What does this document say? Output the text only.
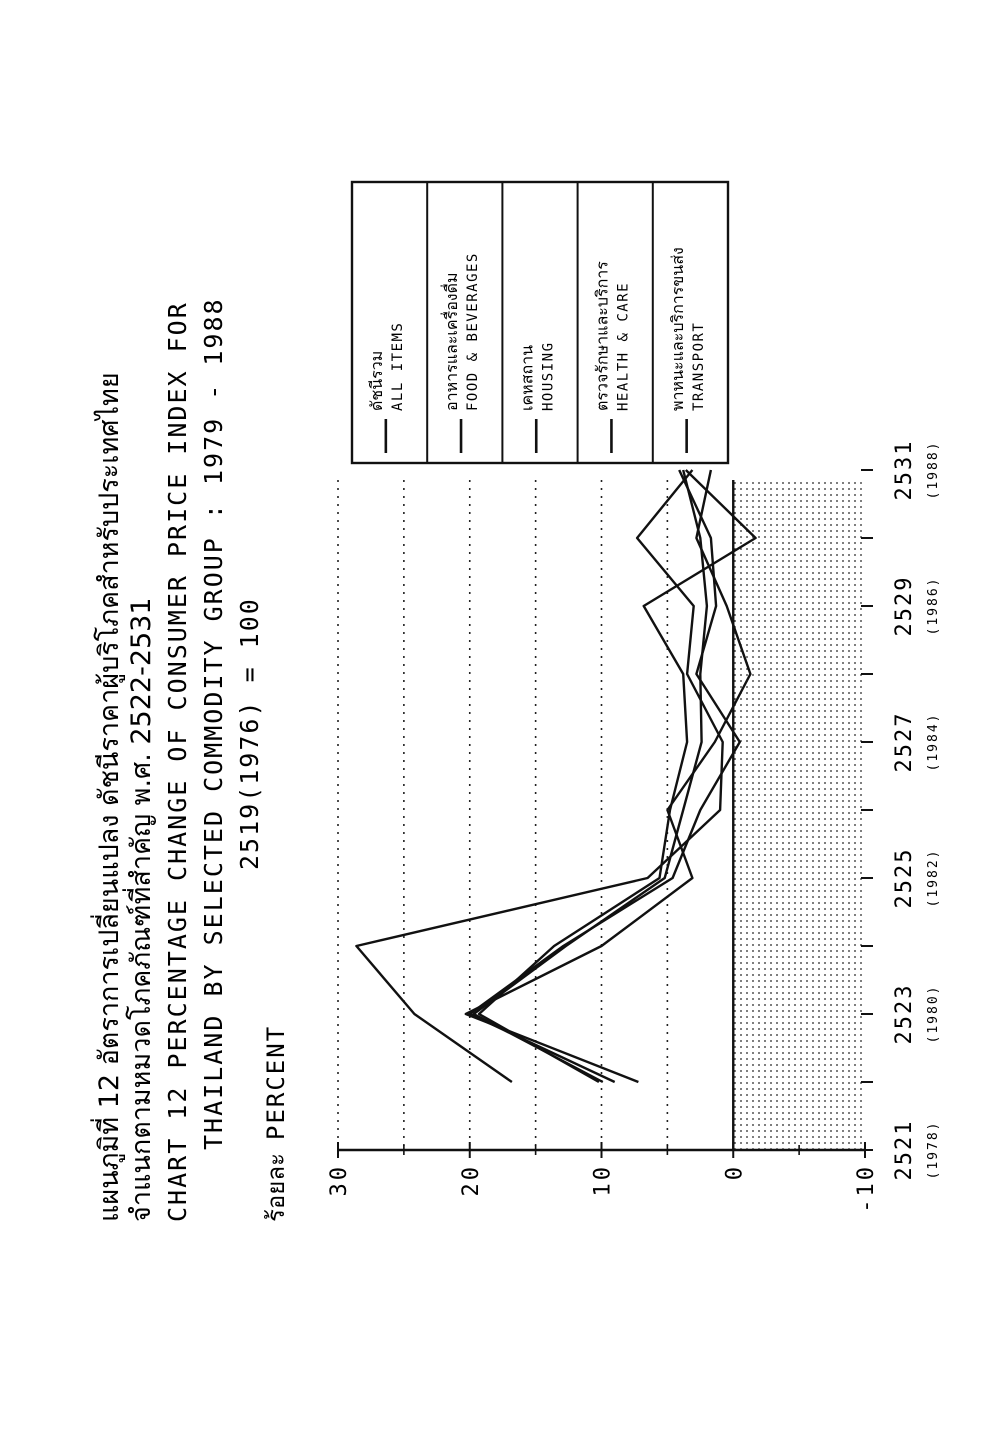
แผนภูมิที่ 12 อัตราการเปลี่ยนแปลง ดัชนีราคาผู้บริโภคสำหรับประเทศไทย จำแนกตามหมวดโภคภัณฑ์ที่สำคัญ พ.ศ. 2522-2531 CHART 12 PERCENTAGE CHANGE OF CONSUMER PRICE INDEX FOR THAILAND BY SELECTED COMMODITY GROUP : 1979 - 1988 2519(1976) = 100
ร้อยละ
PERCENT
-10
0
10
20
30	2521 (1978)
2523 (1980)
2525 (1982)
2527 (1984)
2529 (1986)
2531 (1988)
ดัชนีรวม ALL ITEMS อาหารและเครื่องดื่ม FOOD & BEVERAGES เคหสถาน HOUSING ตรวจรักษาและบริการ HEALTH & CARE พาหนะและบริการขนส่ง TRANSPORT
